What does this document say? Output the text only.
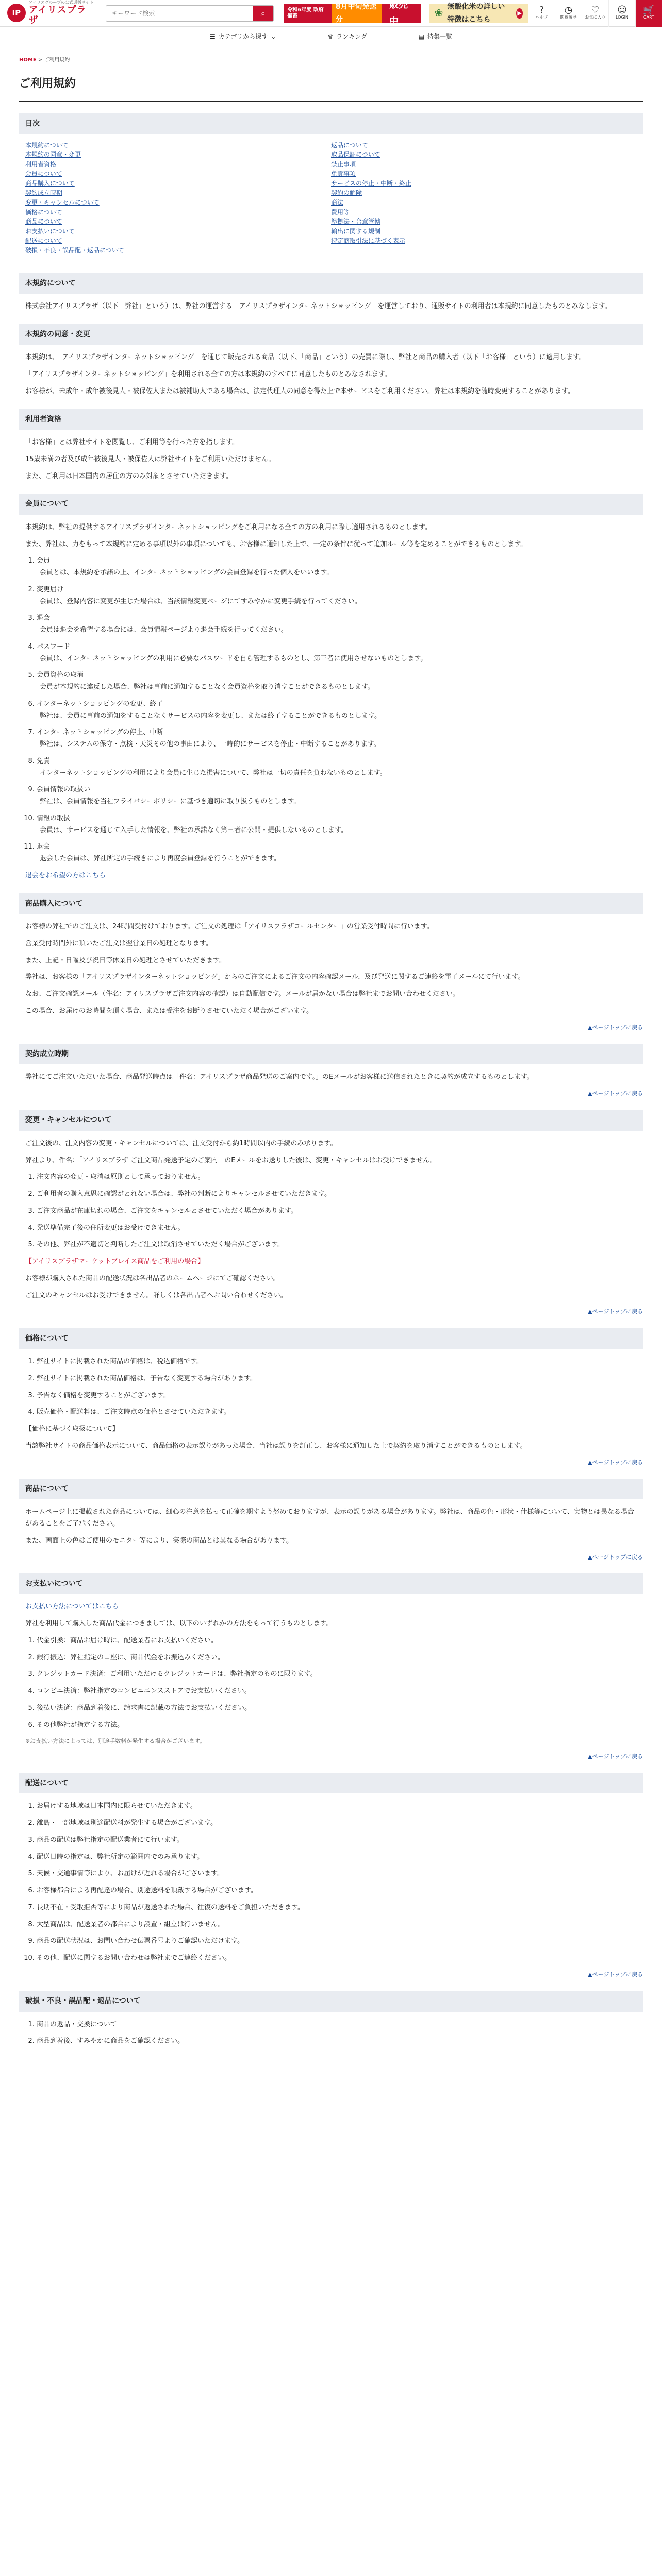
IP
アイリスグループの公式通販サイト
アイリスプラザ
キーワード検索
⌕	令和6年度 政府備蓄
8月中旬発送分
販売中
❀ 無酸化米の詳しい特徴はこちら
▶ ?
ヘルプ
◷
閲覧履歴
♡
お気に入り
☺
LOGIN
🛒
CART
☰ カテゴリから探す ⌄	♛ ランキング	▤ 特集一覧
HOME > ご利用規約
ご利用規約
目次
本規約について
本規約の同意・変更
利用者資格
会員について
商品購入について
契約成立時期
変更・キャンセルについて
価格について
商品について
お支払いについて
配送について
破損・不良・誤品配・返品について
返品について
取品保証について
禁止事項
免責事項
サービスの停止・中断・終止
契約の解除
商法
費用等
準拠法・合意管轄
輸出に関する規制
特定商取引法に基づく表示
本規約について

株式会社アイリスプラザ（以下「弊社」という）は、弊社の運営する「アイリスプラザインターネットショッピング」を運営しており、通販サイトの利用者は本規約に同意したものとみなします。

本規約の同意・変更

本規約は、「アイリスプラザインターネットショッピング」を通じて販売される商品（以下、「商品」という）の売買に際し、弊社と商品の購入者（以下「お客様」という）に適用します。

「アイリスプラザインターネットショッピング」を利用される全ての方は本規約のすべてに同意したものとみなされます。

お客様が、未成年・成年被後見人・被保佐人または被補助人である場合は、法定代理人の同意を得た上で本サービスをご利用ください。弊社は本規約を随時変更することがあります。

利用者資格

「お客様」とは弊社サイトを閲覧し、ご利用等を行った方を指します。

15歳未満の者及び成年被後見人・被保佐人は弊社サイトをご利用いただけません。

また、ご利用は日本国内の居住の方のみ対象とさせていただきます。

会員について

本規約は、弊社の提供するアイリスプラザインターネットショッピングをご利用になる全ての方の利用に際し適用されるものとします。

また、弊社は、力をもって本規約に定める事項以外の事項についても、お客様に通知した上で、一定の条件に従って追加ルール等を定めることができるものとします。

1. 会員
会員とは、本規約を承諾の上、インターネットショッピングの会員登録を行った個人をいいます。
2. 変更届け
会員は、登録内容に変更が生じた場合は、当該情報変更ページにてすみやかに変更手続を行ってください。
3. 退会
会員は退会を希望する場合には、会員情報ページより退会手続を行ってください。
4. パスワード
会員は、インターネットショッピングの利用に必要なパスワードを自ら管理するものとし、第三者に使用させないものとします。
5. 会員資格の取消
会員が本規約に違反した場合、弊社は事前に通知することなく会員資格を取り消すことができるものとします。
6. インターネットショッピングの変更、終了
弊社は、会員に事前の通知をすることなくサービスの内容を変更し、または終了することができるものとします。
7. インターネットショッピングの停止、中断
弊社は、システムの保守・点検・天災その他の事由により、一時的にサービスを停止・中断することがあります。
8. 免責
インターネットショッピングの利用により会員に生じた損害について、弊社は一切の責任を負わないものとします。
9. 会員情報の取扱い
弊社は、会員情報を当社プライバシーポリシーに基づき適切に取り扱うものとします。
10. 情報の取扱
会員は、サービスを通じて入手した情報を、弊社の承諾なく第三者に公開・提供しないものとします。
11. 退会
退会した会員は、弊社所定の手続きにより再度会員登録を行うことができます。

退会をお希望の方はこちら

商品購入について

お客様の弊社でのご注文は、24時間受付けております。ご注文の処理は「アイリスプラザコールセンター」の営業受付時間に行います。

営業受付時間外に頂いたご注文は翌営業日の処理となります。

また、上記・日曜及び祝日等休業日の処理とさせていただきます。

弊社は、お客様の「アイリスプラザインターネットショッピング」からのご注文によるご注文の内容確認メール、及び発送に関するご連絡を電子メールにて行います。

なお、ご注文確認メール（件名：アイリスプラザご注文内容の確認）は自動配信です。メールが届かない場合は弊社までお問い合わせください。

この場合、お届けのお時間を頂く場合、または受注をお断りさせていただく場合がございます。

▲ページトップに戻る
契約成立時期

弊社にてご注文いただいた場合、商品発送時点は「件名：アイリスプラザ商品発送のご案内です。」のEメールがお客様に送信されたときに契約が成立するものとします。

▲ページトップに戻る
変更・キャンセルについて

ご注文後の、注文内容の変更・キャンセルについては、注文受付から約1時間以内の手続のみ承ります。

弊社より、件名：「アイリスプラザ ご注文商品発送予定のご案内」のEメールをお送りした後は、変更・キャンセルはお受けできません。

1. 注文内容の変更・取消は原則として承っておりません。
2. ご利用者の購入意思に確認がとれない場合は、弊社の判断によりキャンセルさせていただきます。
3. ご注文商品が在庫切れの場合、ご注文をキャンセルとさせていただく場合があります。
4. 発送準備完了後の住所変更はお受けできません。
5. その他、弊社が不適切と判断したご注文は取消させていただく場合がございます。

【アイリスプラザマーケットプレイス商品をご利用の場合】

お客様が購入された商品の配送状況は各出品者のホームページにてご確認ください。

ご注文のキャンセルはお受けできません。詳しくは各出品者へお問い合わせください。

▲ページトップに戻る
価格について
1. 弊社サイトに掲載された商品の価格は、税込価格です。
2. 弊社サイトに掲載された商品価格は、予告なく変更する場合があります。
3. 予告なく価格を変更することがございます。
4. 販売価格・配送料は、ご注文時点の価格とさせていただきます。

【価格に基づく取扱について】

当該弊社サイトの商品価格表示について、商品価格の表示誤りがあった場合、当社は誤りを訂正し、お客様に通知した上で契約を取り消すことができるものとします。

▲ページトップに戻る
商品について

ホームページ上に掲載された商品については、細心の注意を払って正確を期すよう努めておりますが、表示の誤りがある場合があります。弊社は、商品の色・形状・仕様等について、実物とは異なる場合があることをご了承ください。

また、画面上の色はご使用のモニター等により、実際の商品とは異なる場合があります。

▲ページトップに戻る
お支払いについて

お支払い方法についてはこちら

弊社を利用して購入した商品代金につきましては、以下のいずれかの方法をもって行うものとします。

1. 代金引換：商品お届け時に、配送業者にお支払いください。
2. 銀行振込：弊社指定の口座に、商品代金をお振込みください。
3. クレジットカード決済：ご利用いただけるクレジットカードは、弊社指定のものに限ります。
4. コンビニ決済：弊社指定のコンビニエンスストアでお支払いください。
5. 後払い決済：商品到着後に、請求書に記載の方法でお支払いください。
6. その他弊社が指定する方法。

※お支払い方法によっては、別途手数料が発生する場合がございます。

▲ページトップに戻る
配送について
1. お届けする地域は日本国内に限らせていただきます。
2. 離島・一部地域は別途配送料が発生する場合がございます。
3. 商品の配送は弊社指定の配送業者にて行います。
4. 配送日時の指定は、弊社所定の範囲内でのみ承ります。
5. 天候・交通事情等により、お届けが遅れる場合がございます。
6. お客様都合による再配達の場合、別途送料を頂戴する場合がございます。
7. 長期不在・受取拒否等により商品が返送された場合、往復の送料をご負担いただきます。
8. 大型商品は、配送業者の都合により設置・組立は行いません。
9. 商品の配送状況は、お問い合わせ伝票番号よりご確認いただけます。
10. その他、配送に関するお問い合わせは弊社までご連絡ください。
▲ページトップに戻る
破損・不良・誤品配・返品について
1. 商品の返品・交換について
2. 商品到着後、すみやかに商品をご確認ください。
